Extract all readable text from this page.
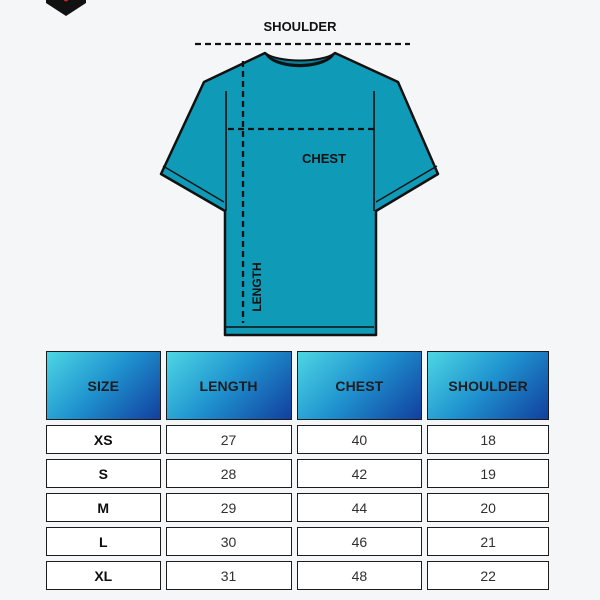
SHOULDER
CHEST
LENGTH
SIZE	LENGTH	CHEST	SHOULDER
XS	27	40	18
S	28	42	19
M	29	44	20
L	30	46	21
XL	31	48	22
